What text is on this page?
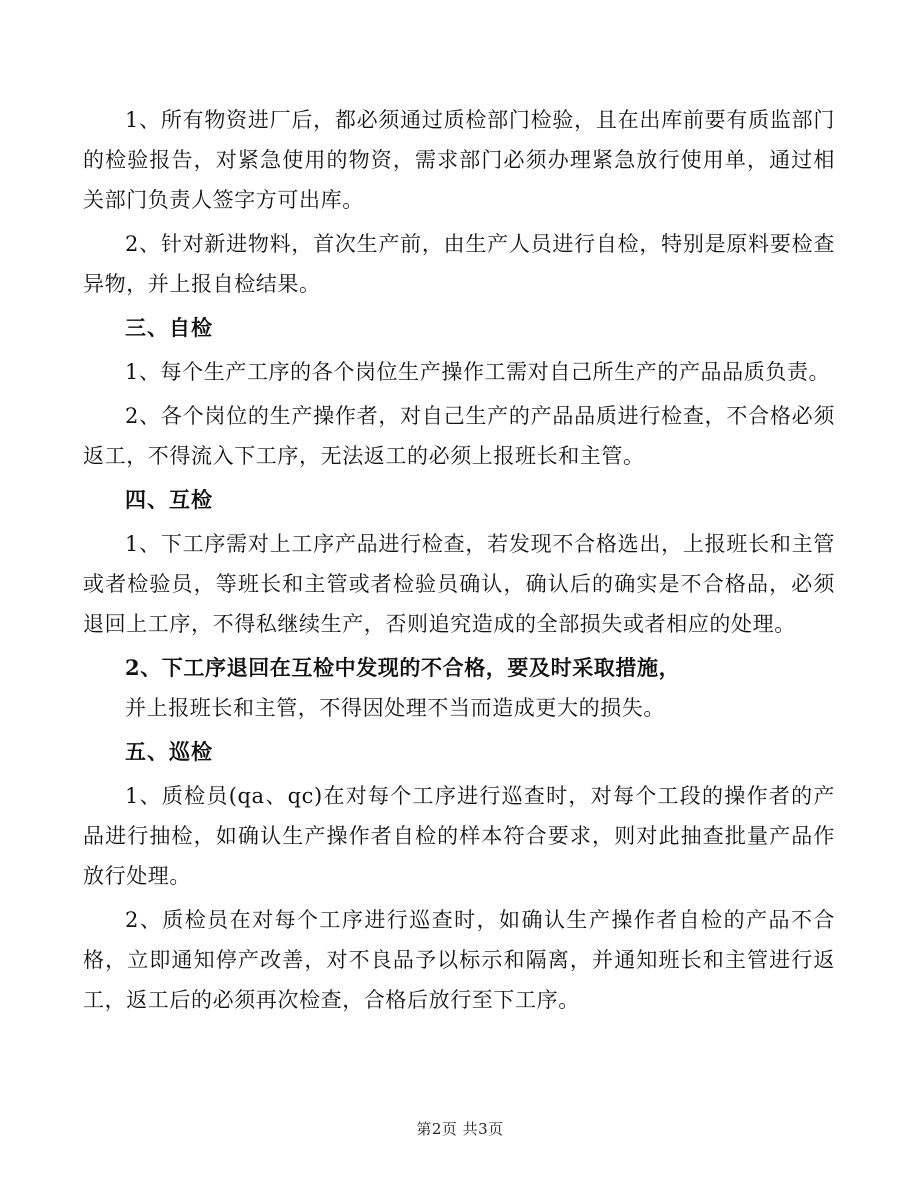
1、所有物资进厂后，都必须通过质检部门检验，且在出库前要有质监部门的检验报告，对紧急使用的物资，需求部门必须办理紧急放行使用单，通过相关部门负责人签字方可出库。

2、针对新进物料，首次生产前，由生产人员进行自检，特别是原料要检查异物，并上报自检结果。

三、自检

1、每个生产工序的各个岗位生产操作工需对自己所生产的产品品质负责。

2、各个岗位的生产操作者，对自己生产的产品品质进行检查，不合格必须返工，不得流入下工序，无法返工的必须上报班长和主管。

四、互检

1、下工序需对上工序产品进行检查，若发现不合格选出，上报班长和主管或者检验员，等班长和主管或者检验员确认，确认后的确实是不合格品，必须退回上工序，不得私继续生产，否则追究造成的全部损失或者相应的处理。

2、下工序退回在互检中发现的不合格，要及时采取措施，

并上报班长和主管，不得因处理不当而造成更大的损失。

五、巡检

1、质检员(qa、qc)在对每个工序进行巡查时，对每个工段的操作者的产品进行抽检，如确认生产操作者自检的样本符合要求，则对此抽查批量产品作放行处理。

2、质检员在对每个工序进行巡查时，如确认生产操作者自检的产品不合格，立即通知停产改善，对不良品予以标示和隔离，并通知班长和主管进行返工，返工后的必须再次检查，合格后放行至下工序。

第2页 共3页
